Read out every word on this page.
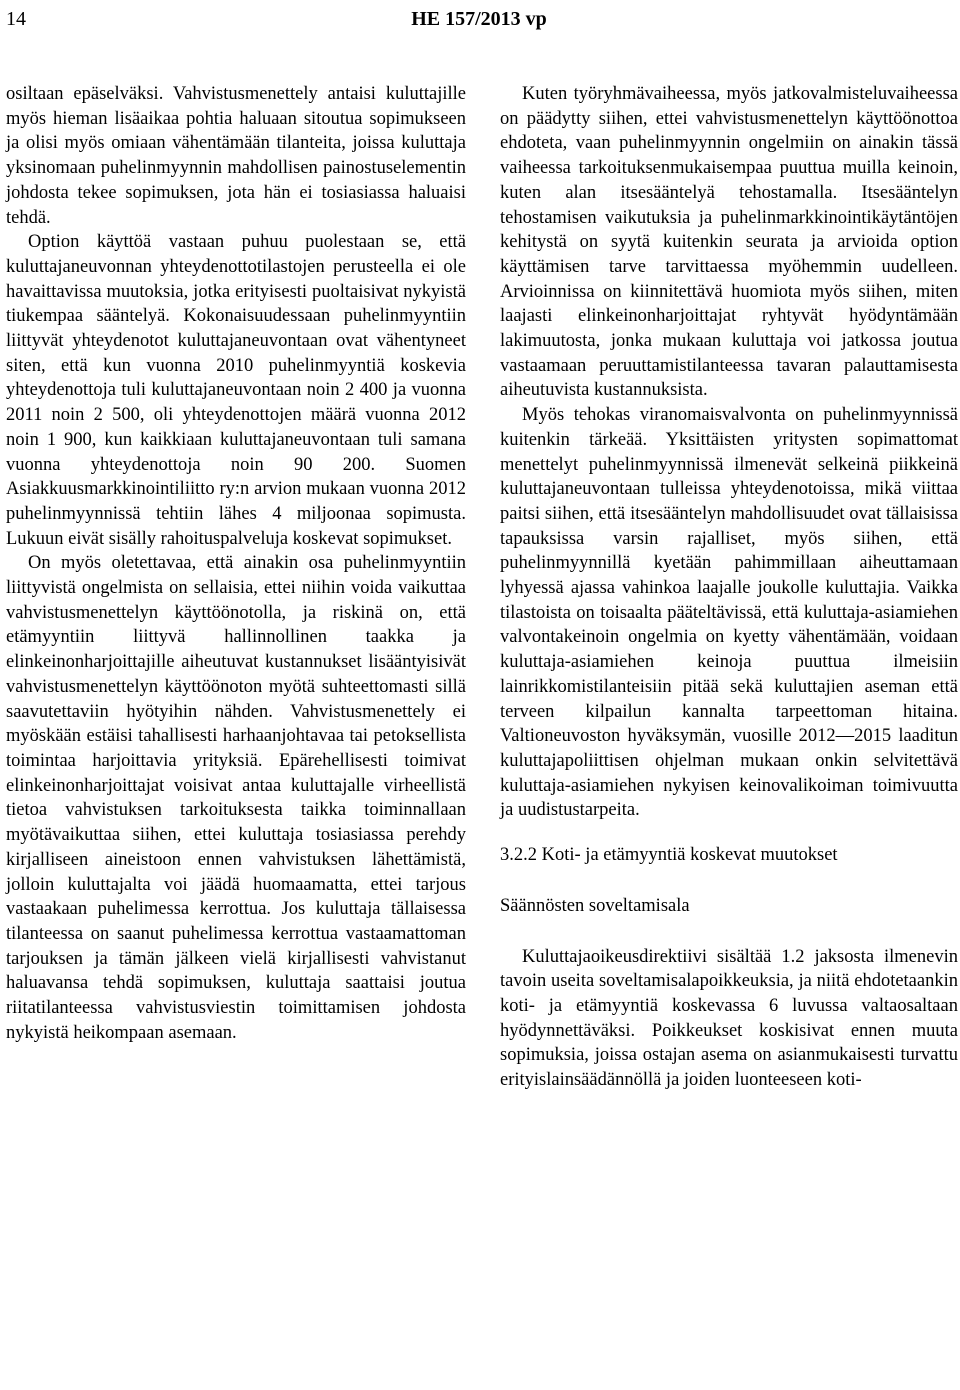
14	HE 157/2013 vp

osiltaan epäselväksi. Vahvistusmenettely antaisi kuluttajille myös hieman lisäaikaa pohtia haluaan sitoutua sopimukseen ja olisi myös omiaan vähentämään tilanteita, joissa kuluttaja yksinomaan puhelinmyynnin mahdollisen painostuselementin johdosta tekee sopimuksen, jota hän ei tosiasiassa haluaisi tehdä.

Option käyttöä vastaan puhuu puolestaan se, että kuluttajaneuvonnan yhteydenottotilastojen perusteella ei ole havaittavissa muutoksia, jotka erityisesti puoltaisivat nykyistä tiukempaa sääntelyä. Kokonaisuudessaan puhelinmyyntiin liittyvät yhteydenotot kuluttajaneuvontaan ovat vähentyneet siten, että kun vuonna 2010 puhelinmyyntiä koskevia yhteydenottoja tuli kuluttajaneuvontaan noin 2 400 ja vuonna 2011 noin 2 500, oli yhteydenottojen määrä vuonna 2012 noin 1 900, kun kaikkiaan kuluttajaneuvontaan tuli samana vuonna yhteydenottoja noin 90 200. Suomen Asiakkuusmarkkinointiliitto ry:n arvion mukaan vuonna 2012 puhelinmyynnissä tehtiin lähes 4 miljoonaa sopimusta. Lukuun eivät sisälly rahoituspalveluja koskevat sopimukset.

On myös oletettavaa, että ainakin osa puhelinmyyntiin liittyvistä ongelmista on sellaisia, ettei niihin voida vaikuttaa vahvistusmenettelyn käyttöönotolla, ja riskinä on, että etämyyntiin liittyvä hallinnollinen taakka ja elinkeinonharjoittajille aiheutuvat kustannukset lisääntyisivät vahvistusmenettelyn käyttöönoton myötä suhteettomasti sillä saavutettaviin hyötyihin nähden. Vahvistusmenettely ei myöskään estäisi tahallisesti harhaanjohtavaa tai petoksellista toimintaa harjoittavia yrityksiä. Epärehellisesti toimivat elinkeinonharjoittajat voisivat antaa kuluttajalle virheellistä tietoa vahvistuksen tarkoituksesta taikka toiminnallaan myötävaikuttaa siihen, ettei kuluttaja tosiasiassa perehdy kirjalliseen aineistoon ennen vahvistuksen lähettämistä, jolloin kuluttajalta voi jäädä huomaamatta, ettei tarjous vastaakaan puhelimessa kerrottua. Jos kuluttaja tällaisessa tilanteessa on saanut puhelimessa kerrottua vastaamattoman tarjouksen ja tämän jälkeen vielä kirjallisesti vahvistanut haluavansa tehdä sopimuksen, kuluttaja saattaisi joutua riitatilanteessa vahvistusviestin toimittamisen johdosta nykyistä heikompaan asemaan.

Kuten työryhmävaiheessa, myös jatkovalmisteluvaiheessa on päädytty siihen, ettei vahvistusmenettelyn käyttöönottoa ehdoteta, vaan puhelinmyynnin ongelmiin on ainakin tässä vaiheessa tarkoituksenmukaisempaa puuttua muilla keinoin, kuten alan itsesääntelyä tehostamalla. Itsesääntelyn tehostamisen vaikutuksia ja puhelinmarkkinointikäytäntöjen kehitystä on syytä kuitenkin seurata ja arvioida option käyttämisen tarve tarvittaessa myöhemmin uudelleen. Arvioinnissa on kiinnitettävä huomiota myös siihen, miten laajasti elinkeinonharjoittajat ryhtyvät hyödyntämään lakimuutosta, jonka mukaan kuluttaja voi jatkossa joutua vastaamaan peruuttamistilanteessa tavaran palauttamisesta aiheutuvista kustannuksista.

Myös tehokas viranomaisvalvonta on puhelinmyynnissä kuitenkin tärkeää. Yksittäisten yritysten sopimattomat menettelyt puhelinmyynnissä ilmenevät selkeinä piikkeinä kuluttajaneuvontaan tulleissa yhteydenotoissa, mikä viittaa paitsi siihen, että itsesääntelyn mahdollisuudet ovat tällaisissa tapauksissa varsin rajalliset, myös siihen, että puhelinmyynnillä kyetään pahimmillaan aiheuttamaan lyhyessä ajassa vahinkoa laajalle joukolle kuluttajia. Vaikka tilastoista on toisaalta pääteltävissä, että kuluttaja-asiamiehen valvontakeinoin ongelmia on kyetty vähentämään, voidaan kuluttaja-asiamiehen keinoja puuttua ilmeisiin lainrikkomistilanteisiin pitää sekä kuluttajien aseman että terveen kilpailun kannalta tarpeettoman hitaina. Valtioneuvoston hyväksymän, vuosille 2012—2015 laaditun kuluttajapoliittisen ohjelman mukaan onkin selvitettävä kuluttaja-asiamiehen nykyisen keinovalikoiman toimivuutta ja uudistustarpeita.

3.2.2 Koti- ja etämyyntiä koskevat muutokset

Säännösten soveltamisala

Kuluttajaoikeusdirektiivi sisältää 1.2 jaksosta ilmenevin tavoin useita soveltamisalapoikkeuksia, ja niitä ehdotetaankin koti- ja etämyyntiä koskevassa 6 luvussa valtaosaltaan hyödynnettäväksi. Poikkeukset koskisivat ennen muuta sopimuksia, joissa ostajan asema on asianmukaisesti turvattu erityislainsäädännöllä ja joiden luonteeseen koti-
